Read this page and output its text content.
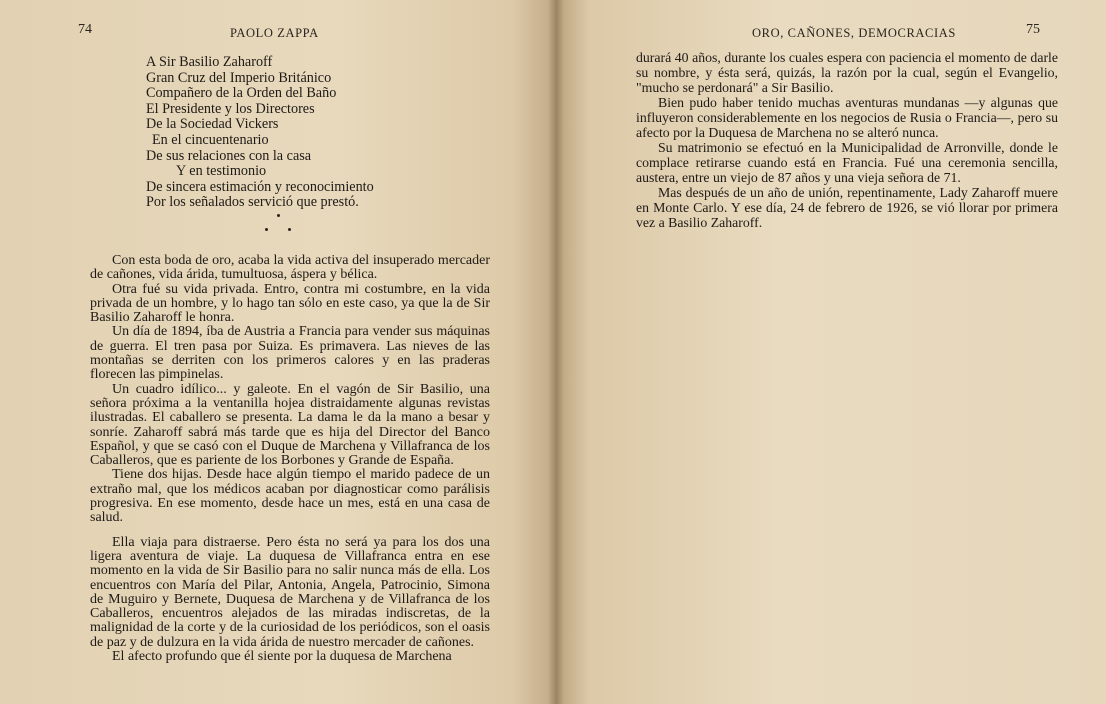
74	PAOLO ZAPPA
A Sir Basilio Zaharoff
Gran Cruz del Imperio Británico
Compañero de la Orden del Baño
El Presidente y los Directores
De la Sociedad Vickers
En el cincuentenario
De sus relaciones con la casa
Y en testimonio
De sincera estimación y reconocimiento
Por los señalados servició que prestó.

Con esta boda de oro, acaba la vida activa del insuperado mercader de cañones, vida árida, tumultuosa, áspera y bélica.

Otra fué su vida privada. Entro, contra mi costumbre, en la vida privada de un hombre, y lo hago tan sólo en este caso, ya que la de Sir Basilio Zaharoff le honra.

Un día de 1894, íba de Austria a Francia para vender sus máquinas de guerra. El tren pasa por Suiza. Es primavera. Las nieves de las montañas se derriten con los primeros calores y en las praderas florecen las pimpinelas.

Un cuadro idílico... y galeote. En el vagón de Sir Basilio, una señora próxima a la ventanilla hojea distraidamente algunas revistas ilustradas. El caballero se presenta. La dama le da la mano a besar y sonríe. Zaharoff sabrá más tarde que es hija del Director del Banco Español, y que se casó con el Duque de Marchena y Villafranca de los Caballeros, que es pariente de los Borbones y Grande de España.

Tiene dos hijas. Desde hace algún tiempo el marido padece de un extraño mal, que los médicos acaban por diagnosticar como parálisis progresiva. En ese momento, desde hace un mes, está en una casa de salud.

Ella viaja para distraerse. Pero ésta no será ya para los dos una ligera aventura de viaje. La duquesa de Villafranca entra en ese momento en la vida de Sir Basilio para no salir nunca más de ella. Los encuentros con María del Pilar, Antonia, Angela, Patrocinio, Simona de Muguiro y Bernete, Duquesa de Marchena y de Villafranca de los Caballeros, encuentros alejados de las miradas indiscretas, de la malignidad de la corte y de la curiosidad de los periódicos, son el oasis de paz y de dulzura en la vida árida de nuestro mercader de cañones.

El afecto profundo que él siente por la duquesa de Marchena

ORO, CAÑONES, DEMOCRACIAS	75

durará 40 años, durante los cuales espera con paciencia el momento de darle su nombre, y ésta será, quizás, la razón por la cual, según el Evangelio, "mucho se perdonará" a Sir Basilio.

Bien pudo haber tenido muchas aventuras mundanas —y algunas que influyeron considerablemente en los negocios de Rusia o Francia—, pero su afecto por la Duquesa de Marchena no se alteró nunca.

Su matrimonio se efectuó en la Municipalidad de Arronville, donde le complace retirarse cuando está en Francia. Fué una ceremonia sencilla, austera, entre un viejo de 87 años y una vieja señora de 71.

Mas después de un año de unión, repentinamente, Lady Zaharoff muere en Monte Carlo. Y ese día, 24 de febrero de 1926, se vió llorar por primera vez a Basilio Zaharoff.
